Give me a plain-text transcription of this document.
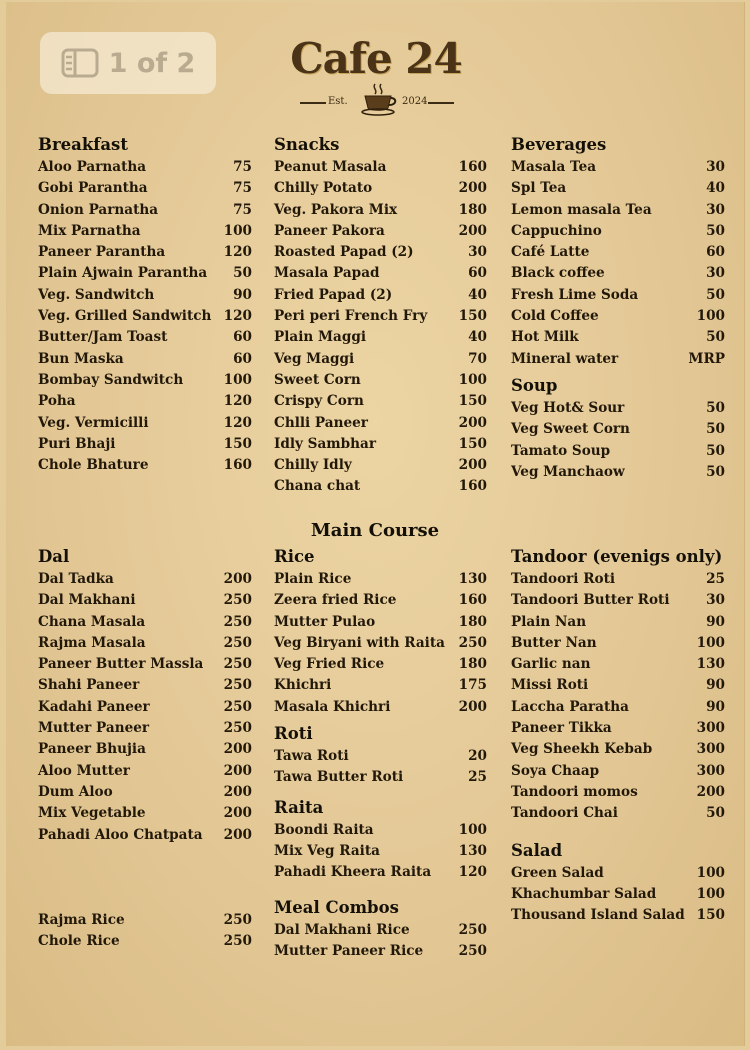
1 of 2 Cafe 24
Est.	2024
Breakfast
Aloo Parnatha	75
Gobi Parantha	75
Onion Parnatha	75
Mix Parnatha	100
Paneer Parantha	120
Plain Ajwain Parantha 50
Veg. Sandwitch	90
Veg. Grilled Sandwitch 120
Butter/Jam Toast	60
Bun Maska	60
Bombay Sandwitch	100
Poha	120
Veg. Vermicilli	120
Puri Bhaji	150
Chole Bhature	160
Snacks
Peanut Masala	160
Chilly Potato	200
Veg. Pakora Mix	180
Paneer Pakora	200
Roasted Papad (2)	30
Masala Papad	60
Fried Papad (2)	40
Peri peri French Fry 150
Plain Maggi	40
Veg Maggi	70
Sweet Corn	100
Crispy Corn	150
Chlli Paneer	200
Idly Sambhar	150
Chilly Idly	200
Chana chat	160
Beverages
Masala Tea	30
Spl Tea	40
Lemon masala Tea	30
Cappuchino	50
Café Latte	60
Black coffee	30
Fresh Lime Soda	50
Cold Coffee	100
Hot Milk	50
Mineral water	MRP
Soup
Veg Hot& Sour	50
Veg Sweet Corn	50
Tamato Soup	50
Veg Manchaow	50
Main Course
Dal
Dal Tadka	200
Dal Makhani	250
Chana Masala	250
Rajma Masala	250
Paneer Butter Massla 250
Shahi Paneer	250
Kadahi Paneer	250
Mutter Paneer	250
Paneer Bhujia	200
Aloo Mutter	200
Dum Aloo	200
Mix Vegetable	200
Pahadi Aloo Chatpata 200
Rajma Rice	250
Chole Rice	250
Rice
Plain Rice	130
Zeera fried Rice	160
Mutter Pulao	180
Veg Biryani with Raita 250
Veg Fried Rice	180
Khichri	175
Masala Khichri	200
Roti
Tawa Roti	20
Tawa Butter Roti	25
Raita
Boondi Raita	100
Mix Veg Raita	130
Pahadi Kheera Raita 120
Meal Combos
Dal Makhani Rice	250
Mutter Paneer Rice	250
Tandoor (evenigs only)
Tandoori Roti	25
Tandoori Butter Roti	30
Plain Nan	90
Butter Nan	100
Garlic nan	130
Missi Roti	90
Laccha Paratha	90
Paneer Tikka	300
Veg Sheekh Kebab	300
Soya Chaap	300
Tandoori momos	200
Tandoori Chai	50
Salad
Green Salad	100
Khachumbar Salad	100
Thousand Island Salad 150
